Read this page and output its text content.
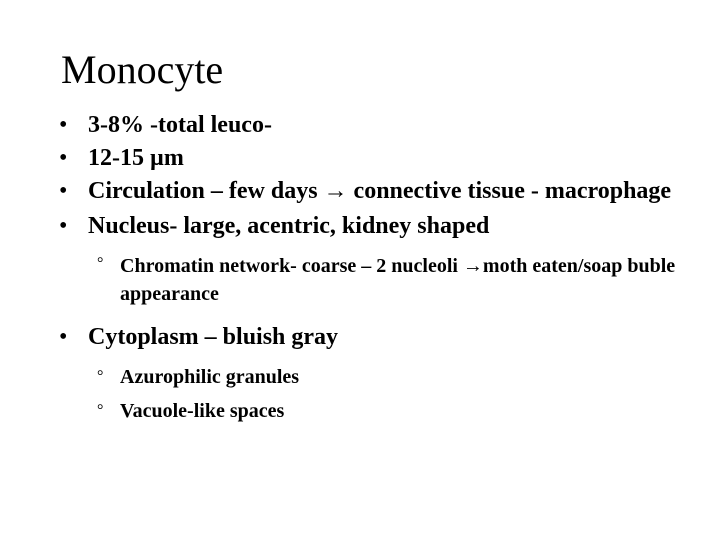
Monocyte
• 3-8% -total leuco-
• 12-15 µm
• Circulation – few days → connective tissue - macrophage
• Nucleus- large, acentric, kidney shaped
° Chromatin network- coarse – 2 nucleoli →moth eaten/soap buble appearance
• Cytoplasm – bluish gray
° Azurophilic granules
° Vacuole-like spaces
